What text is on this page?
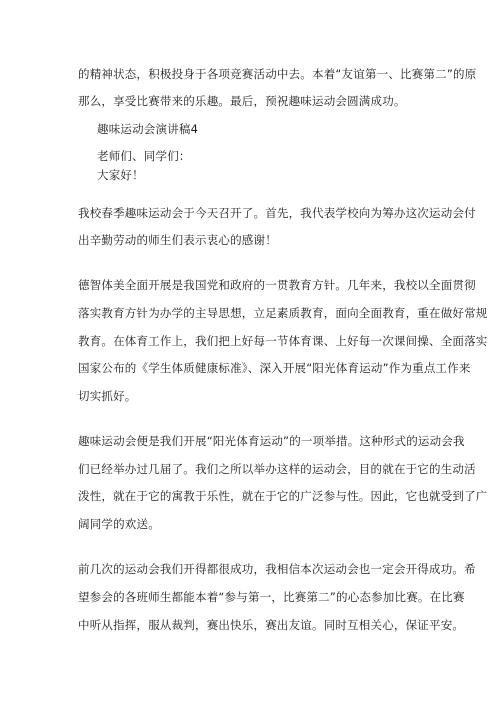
的精神状态，积极投身于各项竞赛活动中去。本着“友谊第一、比赛第二”的原
那么，享受比赛带来的乐趣。最后，预祝趣味运动会圆满成功。
趣味运动会演讲稿4
老师们、同学们：
大家好！
我校春季趣味运动会于今天召开了。首先，我代表学校向为筹办这次运动会付
出辛勤劳动的师生们表示衷心的感谢！
德智体美全面开展是我国党和政府的一贯教育方针。几年来，我校以全面贯彻
落实教育方针为办学的主导思想，立足素质教育，面向全面教育，重在做好常规
教育。在体育工作上，我们把上好每一节体育课、上好每一次课间操、全面落实
国家公布的《学生体质健康标准》、深入开展“阳光体育运动”作为重点工作来
切实抓好。
趣味运动会便是我们开展“阳光体育运动”的一项举措。这种形式的运动会我
们已经举办过几届了。我们之所以举办这样的运动会，目的就在于它的生动活
泼性，就在于它的寓教于乐性，就在于它的广泛参与性。因此，它也就受到了广
阔同学的欢送。
前几次的运动会我们开得都很成功，我相信本次运动会也一定会开得成功。希
望参会的各班师生都能本着“参与第一，比赛第二”的心态参加比赛。在比赛
中听从指挥，服从裁判，赛出快乐，赛出友谊。同时互相关心，保证平安。
